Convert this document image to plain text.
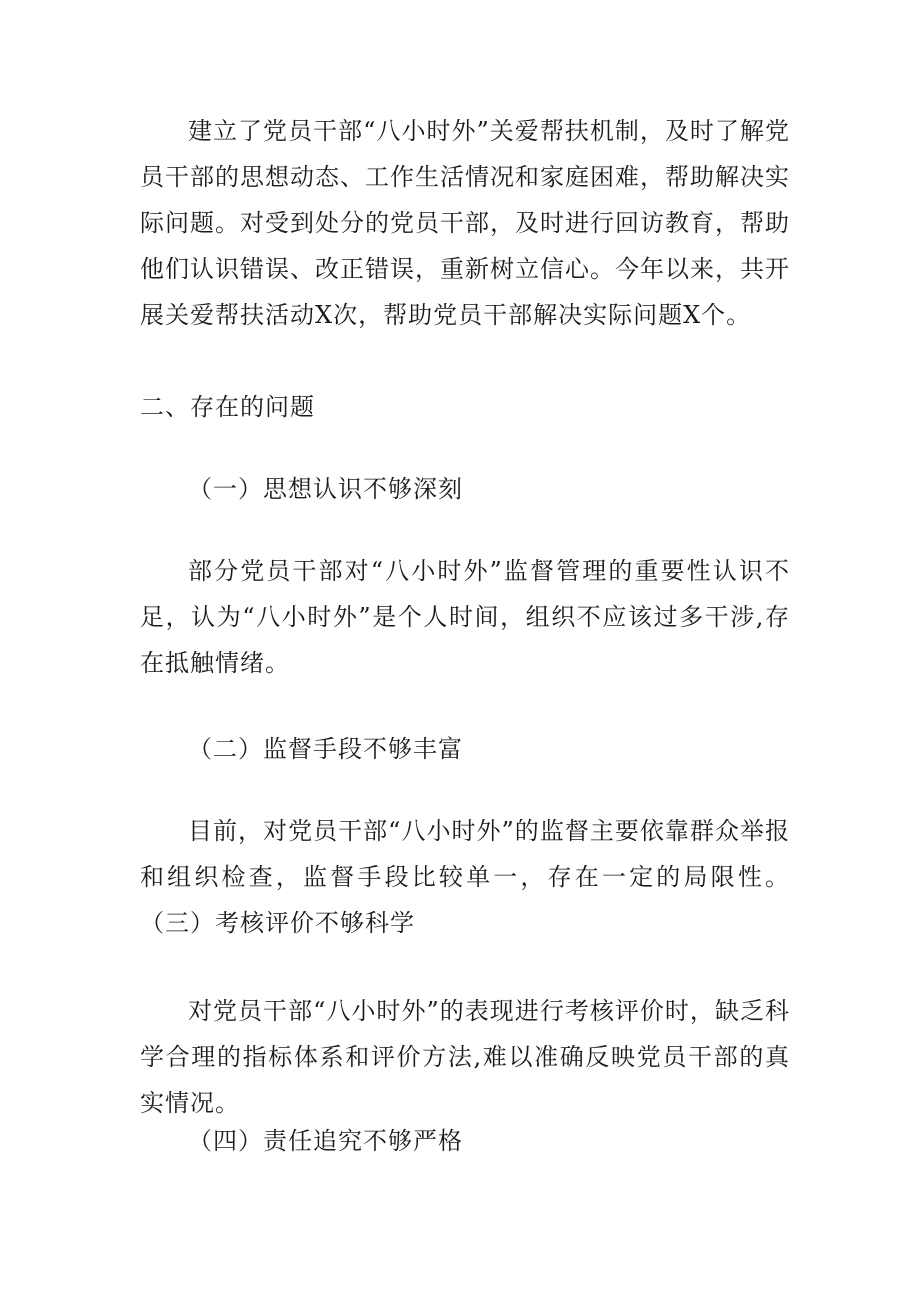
建立了党员干部“八小时外”关爱帮扶机制，及时了解党员干部的思想动态、工作生活情况和家庭困难，帮助解决实际问题。对受到处分的党员干部，及时进行回访教育，帮助他们认识错误、改正错误，重新树立信心。今年以来，共开展关爱帮扶活动X次，帮助党员干部解决实际问题X个。

二、存在的问题

（一）思想认识不够深刻

部分党员干部对“八小时外”监督管理的重要性认识不足，认为“八小时外”是个人时间，组织不应该过多干涉,存在抵触情绪。

（二）监督手段不够丰富

目前，对党员干部“八小时外”的监督主要依靠群众举报和组织检查，监督手段比较单一，存在一定的局限性。（三）考核评价不够科学

对党员干部“八小时外”的表现进行考核评价时，缺乏科学合理的指标体系和评价方法,难以准确反映党员干部的真实情况。

（四）责任追究不够严格
